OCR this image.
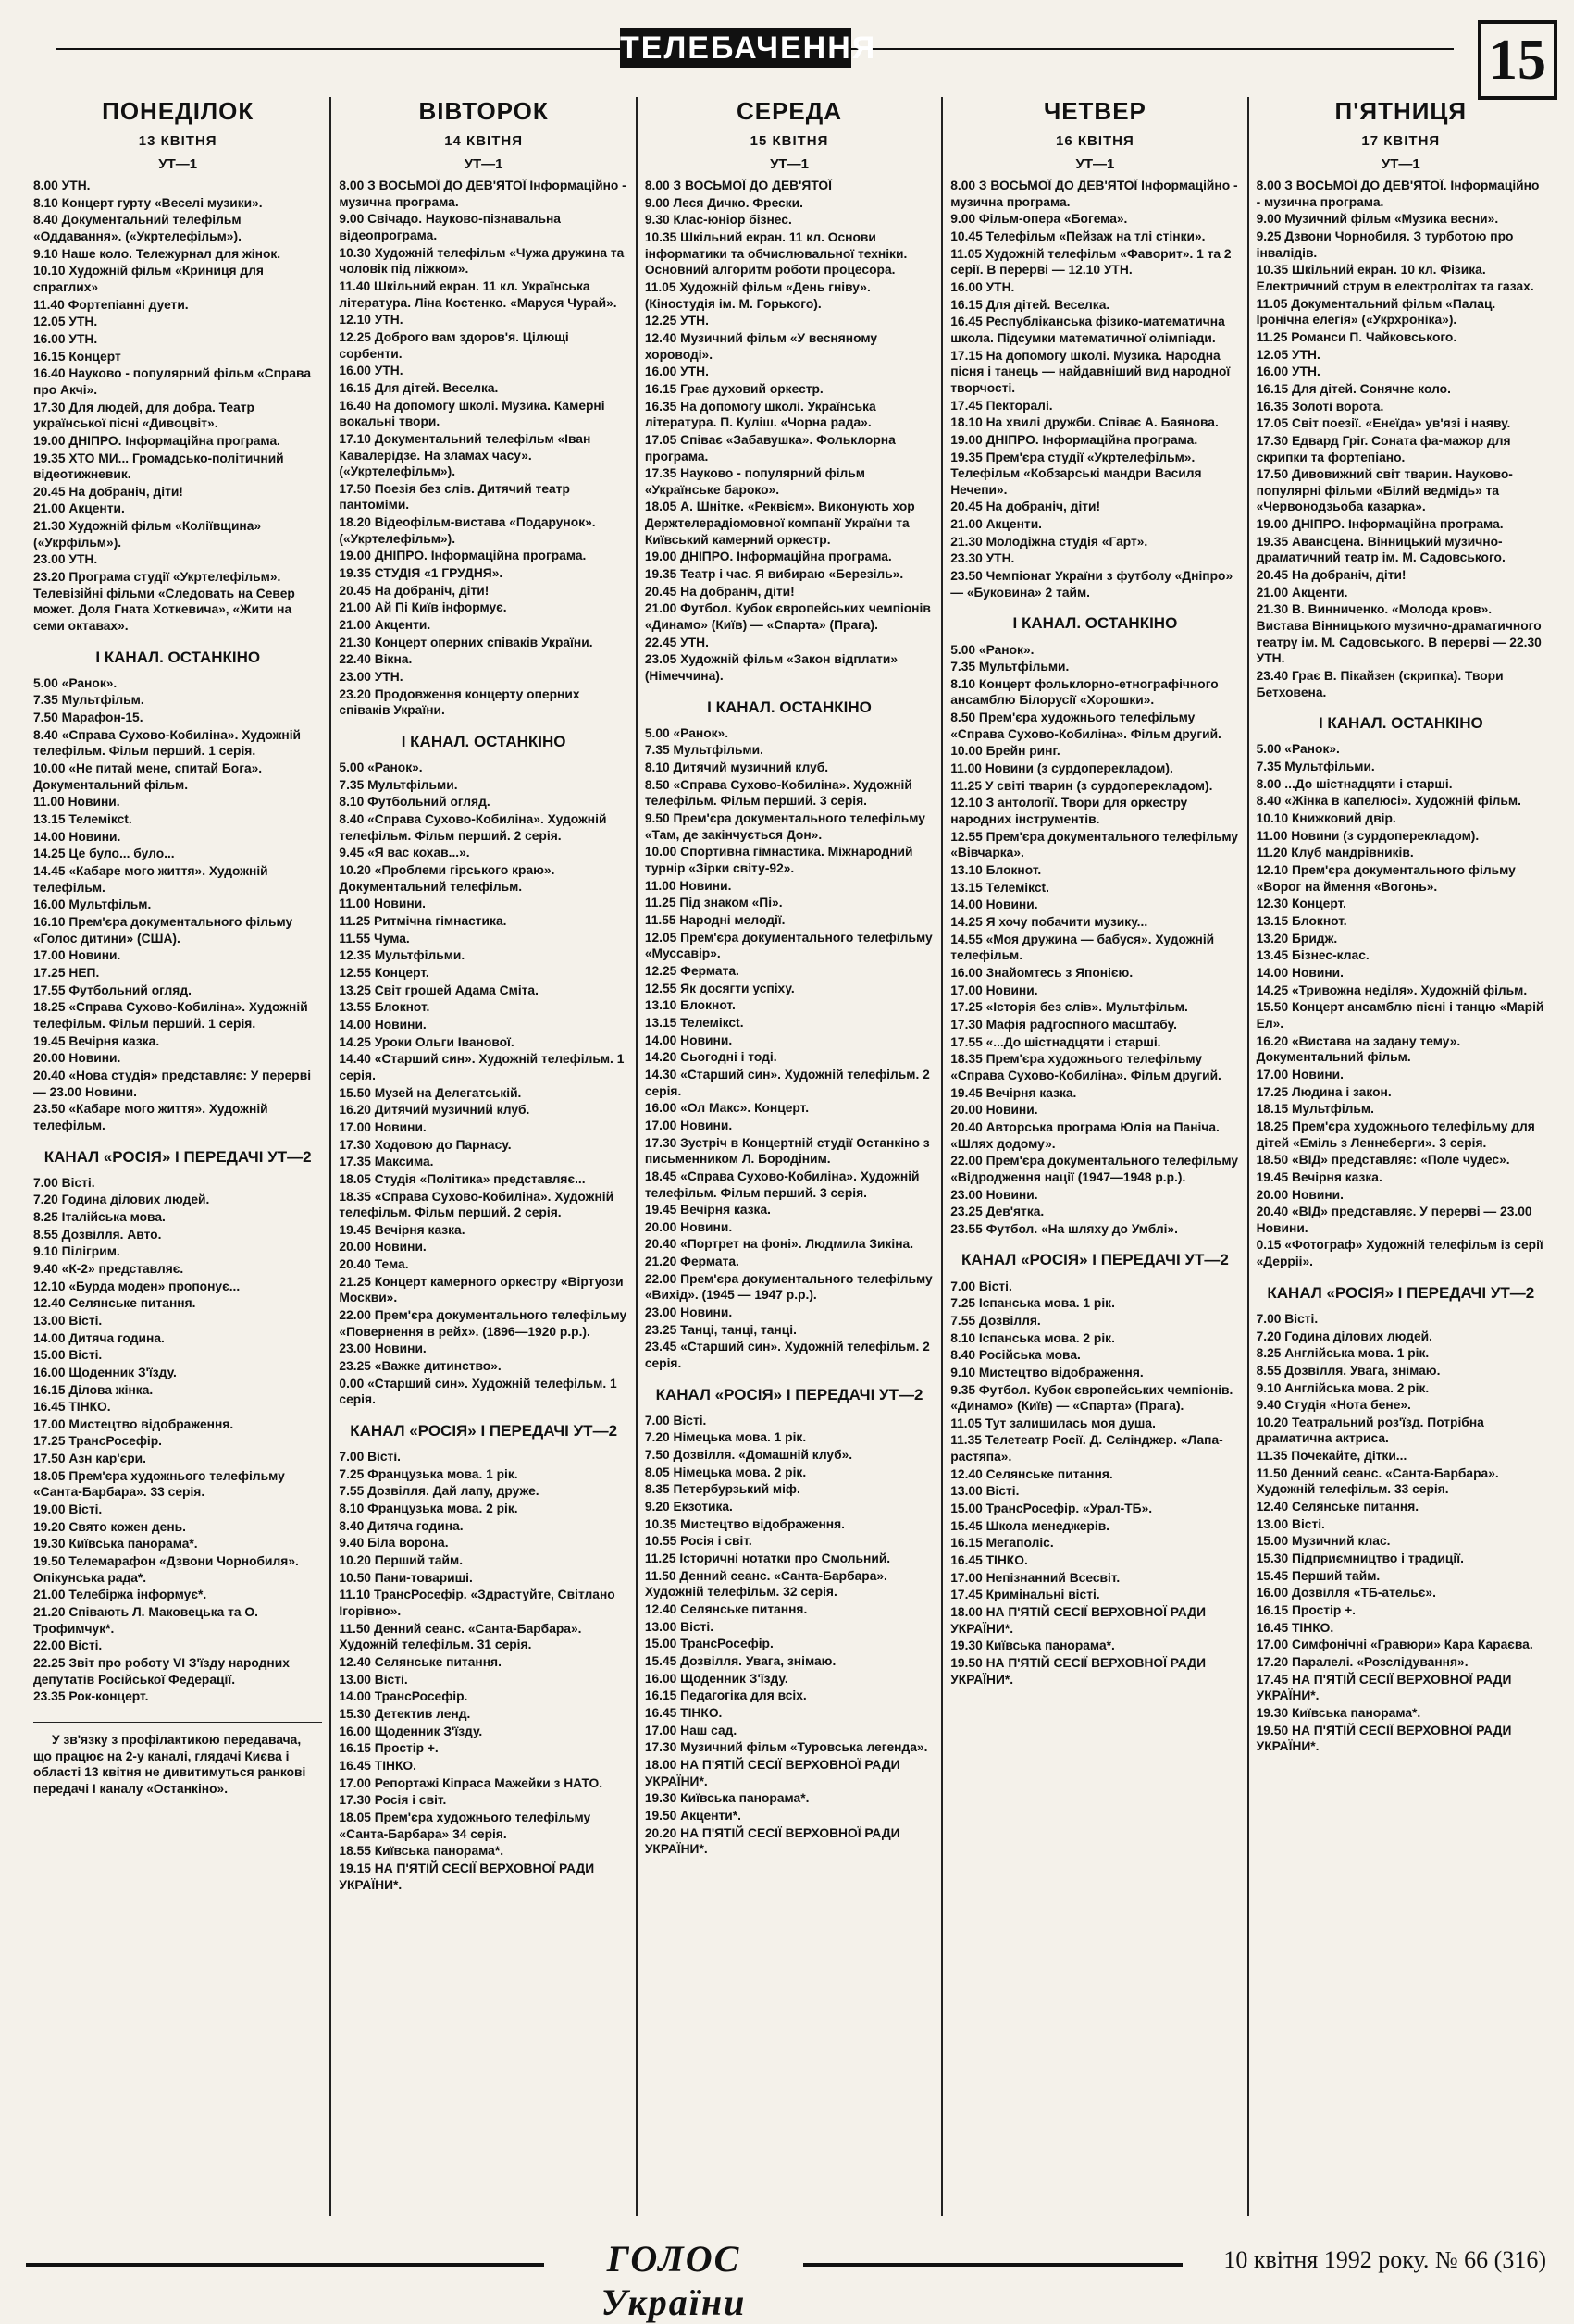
ТЕЛЕБАЧЕННЯ	15
ПОНЕДІЛОК
13 КВІТНЯ
УТ—1
8.00 УТН.
8.10 Концерт гурту «Веселі музики».
8.40 Документальний телефільм «Оддавання». («Укртелефільм»).
9.10 Наше коло. Тележурнал для жінок.
10.10 Художній фільм «Криниця для спраглих»
11.40 Фортепіанні дуети.
12.05 УТН.
16.00 УТН.
16.15 Концерт
16.40 Науково - популярний фільм «Справа про Акчі».
17.30 Для людей, для добра. Театр української пісні «Дивоцвіт».
19.00 ДНІПРО. Інформаційна програма.
19.35 ХТО МИ... Громадсько-політичний відеотижневик.
20.45 На добраніч, діти!
21.00 Акценти.
21.30 Художній фільм «Коліївщина» («Укрфільм»).
23.00 УТН.
23.20 Програма студії «Укртелефільм». Телевізійні фільми «Следовать на Север может. Доля Гната Хоткевича», «Жити на семи октавах».
І КАНАЛ. ОСТАНКІНО
5.00 «Ранок».
7.35 Мультфільм.
7.50 Марафон-15.
8.40 «Справа Сухово-Кобиліна». Художній телефільм. Фільм перший. 1 серія.
10.00 «Не питай мене, спитай Бога». Документальний фільм.
11.00 Новини.
13.15 Телеміксt.
14.00 Новини.
14.25 Це було... було...
14.45 «Кабаре мого життя». Художній телефільм.
16.00 Мультфільм.
16.10 Прем'єра документального фільму «Голос дитини» (США).
17.00 Новини.
17.25 НЕП.
17.55 Футбольний огляд.
18.25 «Справа Сухово-Кобиліна». Художній телефільм. Фільм перший. 1 серія.
19.45 Вечірня казка.
20.00 Новини.
20.40 «Нова студія» представляє: У перерві — 23.00 Новини.
23.50 «Кабаре мого життя». Художній телефільм.
КАНАЛ «РОСІЯ» І ПЕРЕДАЧІ УТ—2
7.00 Вісті.
7.20 Година ділових людей.
8.25 Італійська мова.
8.55 Дозвілля. Авто.
9.10 Пілігрим.
9.40 «К-2» представляє.
12.10 «Бурда моден» пропонує...
12.40 Селянське питання.
13.00 Вісті.
14.00 Дитяча година.
15.00 Вісті.
16.00 Щоденник З'їзду.
16.15 Ділова жінка.
16.45 ТІНКО.
17.00 Мистецтво відображення.
17.25 ТрансРосефір.
17.50 Азн кар'єри.
18.05 Прем'єра художнього телефільму «Санта-Барбара». 33 серія.
19.00 Вісті.
19.20 Свято кожен день.
19.30 Київська панорама*.
19.50 Телемарафон «Дзвони Чорнобиля». Опікунська рада*.
21.00 Телебіржа інформує*.
21.20 Співають Л. Маковецька та О. Трофимчук*.
22.00 Вісті.
22.25 Звіт про роботу VI З'їзду народних депутатів Російської Федерації.
23.35 Рок-концерт.
У зв'язку з профілактикою передавача, що працює на 2-у каналі, глядачі Києва і області 13 квітня не дивитимуться ранкові передачі І каналу «Останкіно».
ВІВТОРОК
14 КВІТНЯ
УТ—1
8.00 З ВОСЬМОЇ ДО ДЕВ'ЯТОЇ Інформаційно - музична програма.
9.00 Свічадо. Науково-пізнавальна відеопрограма.
10.30 Художній телефільм «Чужа дружина та чоловік під ліжком».
11.40 Шкільний екран. 11 кл. Українська література. Ліна Костенко. «Маруся Чурай».
12.10 УТН.
12.25 Доброго вам здоров'я. Цілющі сорбенти.
16.00 УТН.
16.15 Для дітей. Веселка.
16.40 На допомогу школі. Музика. Камерні вокальні твори.
17.10 Документальний телефільм «Іван Кавалерідзе. На зламах часу». («Укртелефільм»).
17.50 Поезія без слів. Дитячий театр пантоміми.
18.20 Відеофільм-вистава «Подарунок». («Укртелефільм»).
19.00 ДНІПРО. Інформаційна програма.
19.35 СТУДІЯ «1 ГРУДНЯ».
20.45 На добраніч, діти!
21.00 Ай Пі Київ інформує.
21.00 Акценти.
21.30 Концерт оперних співаків України.
22.40 Вікна.
23.00 УТН.
23.20 Продовження концерту оперних співаків України.
І КАНАЛ. ОСТАНКІНО
5.00 «Ранок».
7.35 Мультфільми.
8.10 Футбольний огляд.
8.40 «Справа Сухово-Кобиліна». Художній телефільм. Фільм перший. 2 серія.
9.45 «Я вас кохав...».
10.20 «Проблеми гірського краю». Документальний телефільм.
11.00 Новини.
11.25 Ритмічна гімнастика.
11.55 Чума.
12.35 Мультфільми.
12.55 Концерт.
13.25 Світ грошей Адама Сміта.
13.55 Блокнот.
14.00 Новини.
14.25 Уроки Ольги Іванової.
14.40 «Старший син». Художній телефільм. 1 серія.
15.50 Музей на Делегатській.
16.20 Дитячий музичний клуб.
17.00 Новини.
17.30 Ходовою до Парнасу.
17.35 Максима.
18.05 Студія «Політика» представляє...
18.35 «Справа Сухово-Кобиліна». Художній телефільм. Фільм перший. 2 серія.
19.45 Вечірня казка.
20.00 Новини.
20.40 Тема.
21.25 Концерт камерного оркестру «Віртуози Москви».
22.00 Прем'єра документального телефільму «Повернення в рейх». (1896—1920 р.р.).
23.00 Новини.
23.25 «Важке дитинство».
0.00 «Старший син». Художній телефільм. 1 серія.
КАНАЛ «РОСІЯ» І ПЕРЕДАЧІ УТ—2
7.00 Вісті.
7.25 Французька мова. 1 рік.
7.55 Дозвілля. Дай лапу, друже.
8.10 Французька мова. 2 рік.
8.40 Дитяча година.
9.40 Біла ворона.
10.20 Перший тайм.
10.50 Пани-товариші.
11.10 ТрансРосефір. «Здрастуйте, Світлано Ігорівно».
11.50 Денний сеанс. «Санта-Барбара». Художній телефільм. 31 серія.
12.40 Селянське питання.
13.00 Вісті.
14.00 ТрансРосефір.
15.30 Детектив ленд.
16.00 Щоденник З'їзду.
16.15 Простір +.
16.45 ТІНКО.
17.00 Репортажі Кіпраса Мажейки з НАТО.
17.30 Росія і світ.
18.05 Прем'єра художнього телефільму «Санта-Барбара» 34 серія.
18.55 Київська панорама*.
19.15 НА П'ЯТІЙ СЕСІЇ ВЕРХОВНОЇ РАДИ УКРАЇНИ*.
СЕРЕДА
15 КВІТНЯ
УТ—1
8.00 З ВОСЬМОЇ ДО ДЕВ'ЯТОЇ
9.00 Леся Дичко. Фрески.
9.30 Клас-юніор бізнес.
10.35 Шкільний екран. 11 кл. Основи інформатики та обчислювальної техніки. Основний алгоритм роботи процесора.
11.05 Художній фільм «День гніву». (Кіностудія ім. М. Горького).
12.25 УТН.
12.40 Музичний фільм «У весняному хороводі».
16.00 УТН.
16.15 Грає духовий оркестр.
16.35 На допомогу школі. Українська література. П. Куліш. «Чорна рада».
17.05 Співає «Забавушка». Фольклорна програма.
17.35 Науково - популярний фільм «Українське бароко».
18.05 А. Шнітке. «Реквієм». Виконують хор Держтелерадіомовної компанії України та Київський камерний оркестр.
19.00 ДНІПРО. Інформаційна програма.
19.35 Театр і час. Я вибираю «Березіль».
20.45 На добраніч, діти!
21.00 Футбол. Кубок європейських чемпіонів «Динамо» (Київ) — «Спарта» (Прага).
22.45 УТН.
23.05 Художній фільм «Закон відплати» (Німеччина).
І КАНАЛ. ОСТАНКІНО
5.00 «Ранок».
7.35 Мультфільми.
8.10 Дитячий музичний клуб.
8.50 «Справа Сухово-Кобиліна». Художній телефільм. Фільм перший. 3 серія.
9.50 Прем'єра документального телефільму «Там, де закінчується Дон».
10.00 Спортивна гімнастика. Міжнародний турнір «Зірки світу-92».
11.00 Новини.
11.25 Під знаком «Пі».
11.55 Народні мелодії.
12.05 Прем'єра документального телефільму «Муссавір».
12.25 Фермата.
12.55 Як досягти успіху.
13.10 Блокнот.
13.15 Телеміксt.
14.00 Новини.
14.20 Сьогодні і тоді.
14.30 «Старший син». Художній телефільм. 2 серія.
16.00 «Ол Макс». Концерт.
17.00 Новини.
17.30 Зустріч в Концертній студії Останкіно з письменником Л. Бородіним.
18.45 «Справа Сухово-Кобиліна». Художній телефільм. Фільм перший. 3 серія.
19.45 Вечірня казка.
20.00 Новини.
20.40 «Портрет на фоні». Людмила Зикіна.
21.20 Фермата.
22.00 Прем'єра документального телефільму «Вихід». (1945 — 1947 р.р.).
23.00 Новини.
23.25 Танці, танці, танці.
23.45 «Старший син». Художній телефільм. 2 серія.
КАНАЛ «РОСІЯ» І ПЕРЕДАЧІ УТ—2
7.00 Вісті.
7.20 Німецька мова. 1 рік.
7.50 Дозвілля. «Домашній клуб».
8.05 Німецька мова. 2 рік.
8.35 Петербурзький міф.
9.20 Екзотика.
10.35 Мистецтво відображення.
10.55 Росія і світ.
11.25 Історичні нотатки про Смольний.
11.50 Денний сеанс. «Санта-Барбара». Художній телефільм. 32 серія.
12.40 Селянське питання.
13.00 Вісті.
15.00 ТрансРосефір.
15.45 Дозвілля. Увага, знімаю.
16.00 Щоденник З'їзду.
16.15 Педагогіка для всіх.
16.45 ТІНКО.
17.00 Наш сад.
17.30 Музичний фільм «Туровська легенда».
18.00 НА П'ЯТІЙ СЕСІЇ ВЕРХОВНОЇ РАДИ УКРАЇНИ*.
19.30 Київська панорама*.
19.50 Акценти*.
20.20 НА П'ЯТІЙ СЕСІЇ ВЕРХОВНОЇ РАДИ УКРАЇНИ*.
ЧЕТВЕР
16 КВІТНЯ
УТ—1
8.00 З ВОСЬМОЇ ДО ДЕВ'ЯТОЇ Інформаційно - музична програма.
9.00 Фільм-опера «Богема».
10.45 Телефільм «Пейзаж на тлі стінки».
11.05 Художній телефільм «Фаворит». 1 та 2 серії. В перерві — 12.10 УТН.
16.00 УТН.
16.15 Для дітей. Веселка.
16.45 Республіканська фізико-математична школа. Підсумки математичної олімпіади.
17.15 На допомогу школі. Музика. Народна пісня і танець — найдавніший вид народної творчості.
17.45 Пекторалі.
18.10 На хвилі дружби. Співає А. Баянова.
19.00 ДНІПРО. Інформаційна програма.
19.35 Прем'єра студії «Укртелефільм». Телефільм «Кобзарські мандри Василя Нечепи».
20.45 На добраніч, діти!
21.00 Акценти.
21.30 Молодіжна студія «Гарт».
23.30 УТН.
23.50 Чемпіонат України з футболу «Дніпро» — «Буковина» 2 тайм.
І КАНАЛ. ОСТАНКІНО
5.00 «Ранок».
7.35 Мультфільми.
8.10 Концерт фольклорно-етнографічного ансамблю Білорусії «Хорошки».
8.50 Прем'єра художнього телефільму «Справа Сухово-Кобиліна». Фільм другий.
10.00 Брейн ринг.
11.00 Новини (з сурдоперекладом).
11.25 У світі тварин (з сурдоперекладом).
12.10 З антології. Твори для оркестру народних інструментів.
12.55 Прем'єра документального телефільму «Вівчарка».
13.10 Блокнот.
13.15 Телеміксt.
14.00 Новини.
14.25 Я хочу побачити музику...
14.55 «Моя дружина — бабуся». Художній телефільм.
16.00 Знайомтесь з Японією.
17.00 Новини.
17.25 «Історія без слів». Мультфільм.
17.30 Мафія радгоспного масштабу.
17.55 «...До шістнадцяти і старші.
18.35 Прем'єра художнього телефільму «Справа Сухово-Кобиліна». Фільм другий.
19.45 Вечірня казка.
20.00 Новини.
20.40 Авторська програма Юлія на Паніча. «Шлях додому».
22.00 Прем'єра документального телефільму «Відродження нації (1947—1948 р.р.).
23.00 Новини.
23.25 Дев'ятка.
23.55 Футбол. «На шляху до Умблі».
КАНАЛ «РОСІЯ» І ПЕРЕДАЧІ УТ—2
7.00 Вісті.
7.25 Іспанська мова. 1 рік.
7.55 Дозвілля.
8.10 Іспанська мова. 2 рік.
8.40 Російська мова.
9.10 Мистецтво відображення.
9.35 Футбол. Кубок європейських чемпіонів. «Динамо» (Київ) — «Спарта» (Прага).
11.05 Тут залишилась моя душа.
11.35 Телетеатр Росії. Д. Селінджер. «Лапа-растяпа».
12.40 Селянське питання.
13.00 Вісті.
15.00 ТрансРосефір. «Урал-ТБ».
15.45 Школа менеджерів.
16.15 Мегаполіс.
16.45 ТІНКО.
17.00 Непізнанний Всесвіт.
17.45 Кримінальні вісті.
18.00 НА П'ЯТІЙ СЕСІЇ ВЕРХОВНОЇ РАДИ УКРАЇНИ*.
19.30 Київська панорама*.
19.50 НА П'ЯТІЙ СЕСІЇ ВЕРХОВНОЇ РАДИ УКРАЇНИ*.
П'ЯТНИЦЯ
17 КВІТНЯ
УТ—1
8.00 З ВОСЬМОЇ ДО ДЕВ'ЯТОЇ. Інформаційно - музична програма.
9.00 Музичний фільм «Музика весни».
9.25 Дзвони Чорнобиля. З турботою про інвалідів.
10.35 Шкільний екран. 10 кл. Фізика. Електричний струм в електролітах та газах.
11.05 Документальний фільм «Палац. Іронічна елегія» («Укрхронікa»).
11.25 Романси П. Чайковського.
12.05 УТН.
16.00 УТН.
16.15 Для дітей. Сонячне коло.
16.35 Золоті ворота.
17.05 Світ поезії. «Енеїда» ув'язі і наяву.
17.30 Едвард Гріг. Соната фа-мажор для скрипки та фортепіано.
17.50 Дивовижний світ тварин. Науково-популярні фільми «Білий ведмідь» та «Червонодзьоба казарка».
19.00 ДНІПРО. Інформаційна програма.
19.35 Авансцена. Вінницький музично-драматичний театр ім. М. Садовського.
20.45 На добраніч, діти!
21.00 Акценти.
21.30 В. Винниченко. «Молода кров». Вистава Вінницького музично-драматичного театру ім. М. Садовського. В перерві — 22.30 УТН.
23.40 Грає В. Пікайзен (скрипка). Твори Бетховена.
І КАНАЛ. ОСТАНКІНО
5.00 «Ранок».
7.35 Мультфільми.
8.00 ...До шістнадцяти і старші.
8.40 «Жінка в капелюсі». Художній фільм.
10.10 Книжковий двір.
11.00 Новини (з сурдоперекладом).
11.20 Клуб мандрівників.
12.10 Прем'єра документального фільму «Ворог на ймення «Вогонь».
12.30 Концерт.
13.15 Блокнот.
13.20 Бридж.
13.45 Бізнес-клас.
14.00 Новини.
14.25 «Тривожна неділя». Художній фільм.
15.50 Концерт ансамблю пісні і танцю «Марій Ел».
16.20 «Вистава на задану тему». Документальний фільм.
17.00 Новини.
17.25 Людина і закон.
18.15 Мультфільм.
18.25 Прем'єра художнього телефільму для дітей «Еміль з Леннеберги». 3 серія.
18.50 «ВІД» представляє: «Поле чудес».
19.45 Вечірня казка.
20.00 Новини.
20.40 «ВІД» представляє. У перерві — 23.00 Новини.
0.15 «Фотограф» Художній телефільм із серії «Дерріі».
КАНАЛ «РОСІЯ» І ПЕРЕДАЧІ УТ—2
7.00 Вісті.
7.20 Година ділових людей.
8.25 Англійська мова. 1 рік.
8.55 Дозвілля. Увага, знімаю.
9.10 Англійська мова. 2 рік.
9.40 Студія «Нота бене».
10.20 Театральний роз'їзд. Потрібна драматична актриса.
11.35 Почекайте, дітки...
11.50 Денний сеанс. «Санта-Барбара». Художній телефільм. 33 серія.
12.40 Селянське питання.
13.00 Вісті.
15.00 Музичний клас.
15.30 Підприємництво і традиції.
15.45 Перший тайм.
16.00 Дозвілля «ТБ-ательє».
16.15 Простір +.
16.45 ТІНКО.
17.00 Симфонічні «Гравюри» Кара Караєва.
17.20 Паралелі. «Розслідування».
17.45 НА П'ЯТІЙ СЕСІЇ ВЕРХОВНОЇ РАДИ УКРАЇНИ*.
19.30 Київська панорама*.
19.50 НА П'ЯТІЙ СЕСІЇ ВЕРХОВНОЇ РАДИ УКРАЇНИ*.
ГОЛОС України
10 квітня 1992 року. № 66 (316)
